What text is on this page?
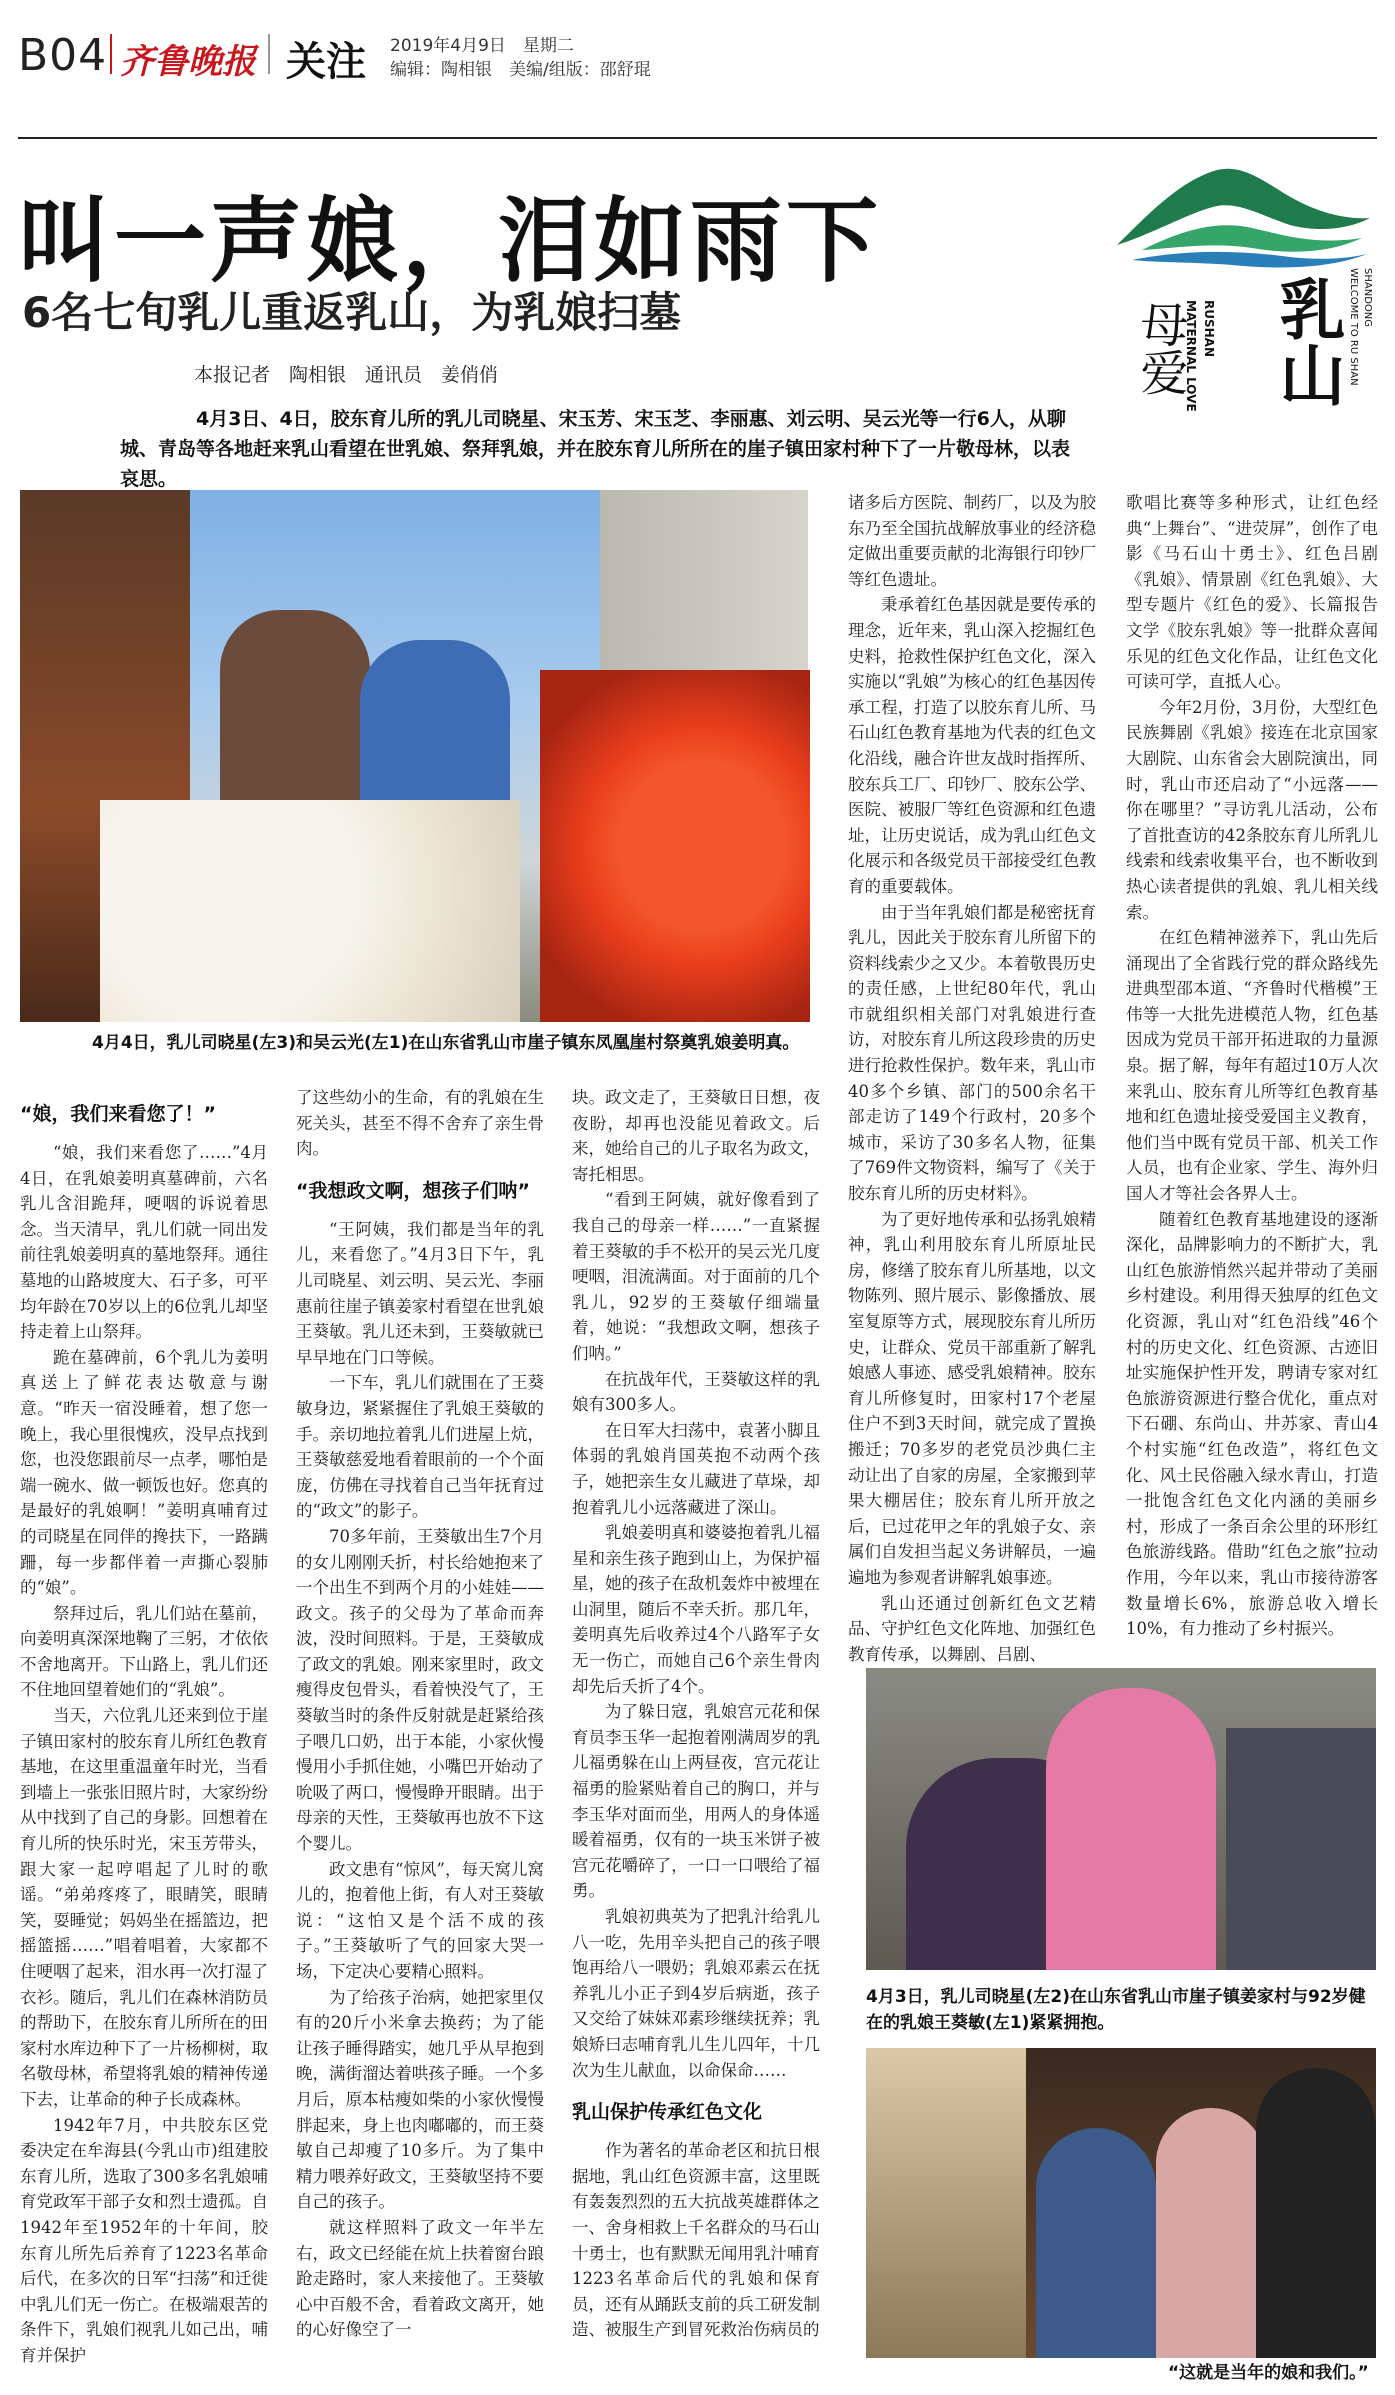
B04 齐鲁晚报 关注 2019年4月9日　星期二
编辑：陶相银　美编/组版：邵舒琨
叫一声娘，泪如雨下
6名七旬乳儿重返乳山，为乳娘扫墓
本报记者　陶相银　通讯员　姜俏俏
4月3日、4日，胶东育儿所的乳儿司晓星、宋玉芳、宋玉芝、李丽惠、刘云明、吴云光等一行6人，从聊城、青岛等各地赶来乳山看望在世乳娘、祭拜乳娘，并在胶东育儿所所在的崖子镇田家村种下了一片敬母林，以表哀思。
乳山
母爱
MATERNAL LOVE RUSHAN	WELCOME TO RU SHAN SHANDONG
4月4日，乳儿司晓星(左3)和吴云光(左1)在山东省乳山市崖子镇东凤凰崖村祭奠乳娘姜明真。
4月3日，乳儿司晓星(左2)在山东省乳山市崖子镇姜家村与92岁健在的乳娘王葵敏(左1)紧紧拥抱。
“这就是当年的娘和我们。”
“娘，我们来看您了！”

“娘，我们来看您了……”4月4日，在乳娘姜明真墓碑前，六名乳儿含泪跪拜，哽咽的诉说着思念。当天清早，乳儿们就一同出发前往乳娘姜明真的墓地祭拜。通往墓地的山路坡度大、石子多，可平均年龄在70岁以上的6位乳儿却坚持走着上山祭拜。

跪在墓碑前，6个乳儿为姜明真送上了鲜花表达敬意与谢意。“昨天一宿没睡着，想了您一晚上，我心里很愧疚，没早点找到您，也没您跟前尽一点孝，哪怕是端一碗水、做一顿饭也好。您真的是最好的乳娘啊！”姜明真哺育过的司晓星在同伴的搀扶下，一路蹒跚，每一步都伴着一声撕心裂肺的“娘”。

祭拜过后，乳儿们站在墓前，向姜明真深深地鞠了三躬，才依依不舍地离开。下山路上，乳儿们还不住地回望着她们的“乳娘”。

当天，六位乳儿还来到位于崖子镇田家村的胶东育儿所红色教育基地，在这里重温童年时光，当看到墙上一张张旧照片时，大家纷纷从中找到了自己的身影。回想着在育儿所的快乐时光，宋玉芳带头，跟大家一起哼唱起了儿时的歌谣。“弟弟疼疼了，眼睛笑，眼睛笑，耍睡觉；妈妈坐在摇篮边，把摇篮摇……”唱着唱着，大家都不住哽咽了起来，泪水再一次打湿了衣衫。随后，乳儿们在森林消防员的帮助下，在胶东育儿所所在的田家村水库边种下了一片杨柳树，取名敬母林，希望将乳娘的精神传递下去，让革命的种子长成森林。

1942年7月，中共胶东区党委决定在牟海县(今乳山市)组建胶东育儿所，选取了300多名乳娘哺育党政军干部子女和烈士遗孤。自1942年至1952年的十年间，胶东育儿所先后养育了1223名革命后代，在多次的日军“扫荡”和迁徙中乳儿们无一伤亡。在极端艰苦的条件下，乳娘们视乳儿如己出，哺育并保护

了这些幼小的生命，有的乳娘在生死关头，甚至不得不舍弃了亲生骨肉。

“我想政文啊，想孩子们呐”

“王阿姨，我们都是当年的乳儿，来看您了。”4月3日下午，乳儿司晓星、刘云明、吴云光、李丽惠前往崖子镇姜家村看望在世乳娘王葵敏。乳儿还未到，王葵敏就已早早地在门口等候。

一下车，乳儿们就围在了王葵敏身边，紧紧握住了乳娘王葵敏的手。亲切地拉着乳儿们进屋上炕，王葵敏慈爱地看着眼前的一个个面庞，仿佛在寻找着自己当年抚育过的“政文”的影子。

70多年前，王葵敏出生7个月的女儿刚刚夭折，村长给她抱来了一个出生不到两个月的小娃娃——政文。孩子的父母为了革命而奔波，没时间照料。于是，王葵敏成了政文的乳娘。刚来家里时，政文瘦得皮包骨头，看着怏没气了，王葵敏当时的条件反射就是赶紧给孩子喂几口奶，出于本能，小家伙慢慢用小手抓住她，小嘴巴开始动了吮吸了两口，慢慢睁开眼睛。出于母亲的天性，王葵敏再也放不下这个婴儿。

政文患有“惊风”，每天窝儿窝儿的，抱着他上街，有人对王葵敏说：“这怕又是个活不成的孩子。”王葵敏听了气的回家大哭一场，下定决心要精心照料。

为了给孩子治病，她把家里仅有的20斤小米拿去换药；为了能让孩子睡得踏实，她几乎从早抱到晚，满街溜达着哄孩子睡。一个多月后，原本枯瘦如柴的小家伙慢慢胖起来，身上也肉嘟嘟的，而王葵敏自己却瘦了10多斤。为了集中精力喂养好政文，王葵敏坚持不要自己的孩子。

就这样照料了政文一年半左右，政文已经能在炕上扶着窗台踉跄走路时，家人来接他了。王葵敏心中百般不舍，看着政文离开，她的心好像空了一

块。政文走了，王葵敏日日想，夜夜盼，却再也没能见着政文。后来，她给自己的儿子取名为政文，寄托相思。

“看到王阿姨，就好像看到了我自己的母亲一样……”一直紧握着王葵敏的手不松开的吴云光几度哽咽，泪流满面。对于面前的几个乳儿，92岁的王葵敏仔细端量着，她说：“我想政文啊，想孩子们呐。”

在抗战年代，王葵敏这样的乳娘有300多人。

在日军大扫荡中，袁著小脚且体弱的乳娘肖国英抱不动两个孩子，她把亲生女儿藏进了草垛，却抱着乳儿小远落藏进了深山。

乳娘姜明真和婆婆抱着乳儿福星和亲生孩子跑到山上，为保护福星，她的孩子在敌机轰炸中被埋在山洞里，随后不幸夭折。那几年，姜明真先后收养过4个八路军子女无一伤亡，而她自己6个亲生骨肉却先后夭折了4个。

为了躲日寇，乳娘宫元花和保育员李玉华一起抱着刚满周岁的乳儿福勇躲在山上两昼夜，宫元花让福勇的脸紧贴着自己的胸口，并与李玉华对面而坐，用两人的身体遥暖着福勇，仅有的一块玉米饼子被宫元花嚼碎了，一口一口喂给了福勇。

乳娘初典英为了把乳汁给乳儿八一吃，先用辛头把自己的孩子喂饱再给八一喂奶；乳娘邓素云在抚养乳儿小正子到4岁后病逝，孩子又交给了妹妹邓素珍继续抚养；乳娘矫曰志哺育乳儿生儿四年，十几次为生儿献血，以命保命……

乳山保护传承红色文化

作为著名的革命老区和抗日根据地，乳山红色资源丰富，这里既有轰轰烈烈的五大抗战英雄群体之一、舍身相救上千名群众的马石山十勇士，也有默默无闻用乳汁哺育1223名革命后代的乳娘和保育员，还有从踊跃支前的兵工研发制造、被服生产到冒死救治伤病员的

诸多后方医院、制药厂，以及为胶东乃至全国抗战解放事业的经济稳定做出重要贡献的北海银行印钞厂等红色遗址。

秉承着红色基因就是要传承的理念，近年来，乳山深入挖掘红色史料，抢救性保护红色文化，深入实施以“乳娘”为核心的红色基因传承工程，打造了以胶东育儿所、马石山红色教育基地为代表的红色文化沿线，融合许世友战时指挥所、胶东兵工厂、印钞厂、胶东公学、医院、被服厂等红色资源和红色遗址，让历史说话，成为乳山红色文化展示和各级党员干部接受红色教育的重要载体。

由于当年乳娘们都是秘密抚育乳儿，因此关于胶东育儿所留下的资料线索少之又少。本着敬畏历史的责任感，上世纪80年代，乳山市就组织相关部门对乳娘进行查访，对胶东育儿所这段珍贵的历史进行抢救性保护。数年来，乳山市40多个乡镇、部门的500余名干部走访了149个行政村，20多个城市，采访了30多名人物，征集了769件文物资料，编写了《关于胶东育儿所的历史材料》。

为了更好地传承和弘扬乳娘精神，乳山利用胶东育儿所原址民房，修缮了胶东育儿所基地，以文物陈列、照片展示、影像播放、展室复原等方式，展现胶东育儿所历史，让群众、党员干部重新了解乳娘感人事迹、感受乳娘精神。胶东育儿所修复时，田家村17个老屋住户不到3天时间，就完成了置换搬迁；70多岁的老党员沙典仁主动让出了自家的房屋，全家搬到苹果大棚居住；胶东育儿所开放之后，已过花甲之年的乳娘子女、亲属们自发担当起义务讲解员，一遍遍地为参观者讲解乳娘事迹。

乳山还通过创新红色文艺精品、守护红色文化阵地、加强红色教育传承，以舞剧、吕剧、

歌唱比赛等多种形式，让红色经典“上舞台”、“进荧屏”，创作了电影《马石山十勇士》、红色吕剧《乳娘》、情景剧《红色乳娘》、大型专题片《红色的爱》、长篇报告文学《胶东乳娘》等一批群众喜闻乐见的红色文化作品，让红色文化可读可学，直抵人心。

今年2月份，3月份，大型红色民族舞剧《乳娘》接连在北京国家大剧院、山东省会大剧院演出，同时，乳山市还启动了“小远落——你在哪里？”寻访乳儿活动，公布了首批查访的42条胶东育儿所乳儿线索和线索收集平台，也不断收到热心读者提供的乳娘、乳儿相关线索。

在红色精神滋养下，乳山先后涌现出了全省践行党的群众路线先进典型邵本道、“齐鲁时代楷模”王伟等一大批先进模范人物，红色基因成为党员干部开拓进取的力量源泉。据了解，每年有超过10万人次来乳山、胶东育儿所等红色教育基地和红色遗址接受爱国主义教育，他们当中既有党员干部、机关工作人员，也有企业家、学生、海外归国人才等社会各界人士。

随着红色教育基地建设的逐渐深化，品牌影响力的不断扩大，乳山红色旅游悄然兴起并带动了美丽乡村建设。利用得天独厚的红色文化资源，乳山对“红色沿线”46个村的历史文化、红色资源、古迹旧址实施保护性开发，聘请专家对红色旅游资源进行整合优化，重点对下石硼、东尚山、井苏家、青山4个村实施“红色改造”，将红色文化、风土民俗融入绿水青山，打造一批饱含红色文化内涵的美丽乡村，形成了一条百余公里的环形红色旅游线路。借助“红色之旅”拉动作用，今年以来，乳山市接待游客数量增长6%，旅游总收入增长10%，有力推动了乡村振兴。
